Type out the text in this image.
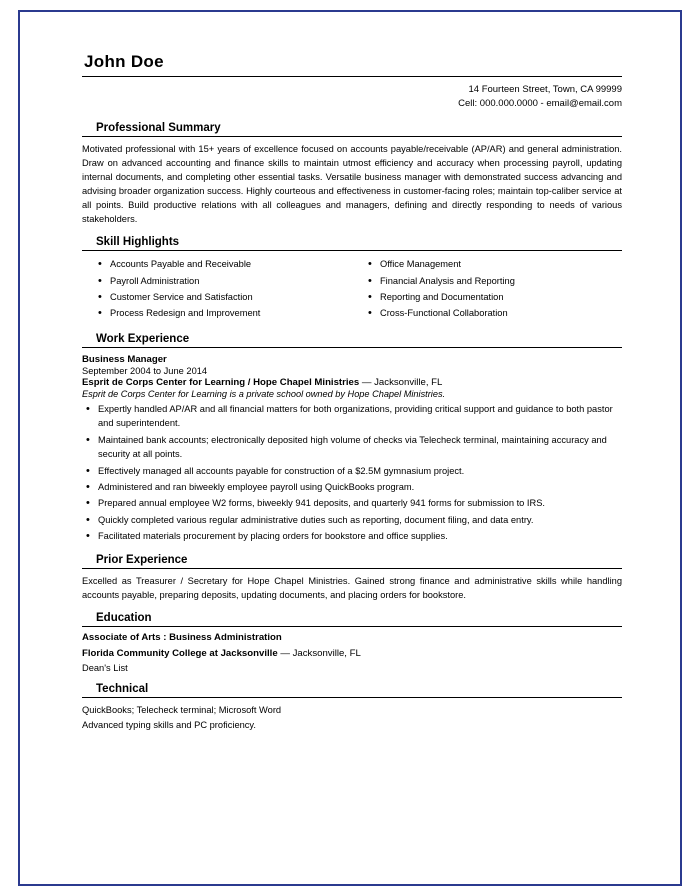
John Doe
14 Fourteen Street, Town, CA 99999
Cell: 000.000.0000 - email@email.com
Professional Summary
Motivated professional with 15+ years of excellence focused on accounts payable/receivable (AP/AR) and general administration. Draw on advanced accounting and finance skills to maintain utmost efficiency and accuracy when processing payroll, updating internal documents, and completing other essential tasks. Versatile business manager with demonstrated success advancing and advising broader organization success. Highly courteous and effectiveness in customer-facing roles; maintain top-caliber service at all points. Build productive relations with all colleagues and managers, defining and directly responding to needs of various stakeholders.
Skill Highlights
• Accounts Payable and Receivable
• Payroll Administration
• Customer Service and Satisfaction
• Process Redesign and Improvement
• Office Management
• Financial Analysis and Reporting
• Reporting and Documentation
• Cross-Functional Collaboration
Work Experience
Business Manager
September 2004 to June 2014
Esprit de Corps Center for Learning / Hope Chapel Ministries — Jacksonville, FL
Esprit de Corps Center for Learning is a private school owned by Hope Chapel Ministries.
• Expertly handled AP/AR and all financial matters for both organizations, providing critical support and guidance to both pastor and superintendent.
• Maintained bank accounts; electronically deposited high volume of checks via Telecheck terminal, maintaining accuracy and security at all points.
• Effectively managed all accounts payable for construction of a $2.5M gymnasium project.
• Administered and ran biweekly employee payroll using QuickBooks program.
• Prepared annual employee W2 forms, biweekly 941 deposits, and quarterly 941 forms for submission to IRS.
• Quickly completed various regular administrative duties such as reporting, document filing, and data entry.
• Facilitated materials procurement by placing orders for bookstore and office supplies.
Prior Experience
Excelled as Treasurer / Secretary for Hope Chapel Ministries. Gained strong finance and administrative skills while handling accounts payable, preparing deposits, updating documents, and placing orders for bookstore.
Education
Associate of Arts : Business Administration
Florida Community College at Jacksonville — Jacksonville, FL
Dean's List
Technical
QuickBooks; Telecheck terminal; Microsoft Word
Advanced typing skills and PC proficiency.
